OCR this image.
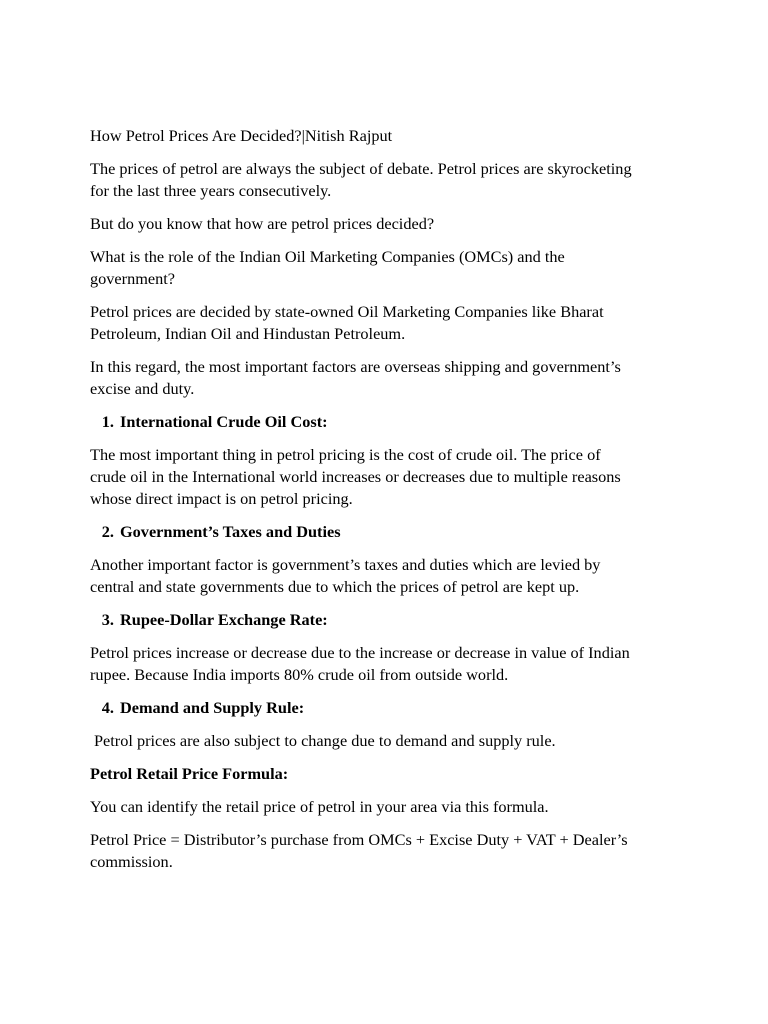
How Petrol Prices Are Decided?|Nitish Rajput

The prices of petrol are always the subject of debate. Petrol prices are skyrocketing
for the last three years consecutively.
But do you know that how are petrol prices decided?
What is the role of the Indian Oil Marketing Companies (OMCs) and the
government?
Petrol prices are decided by state-owned Oil Marketing Companies like Bharat
Petroleum, Indian Oil and Hindustan Petroleum.
In this regard, the most important factors are overseas shipping and government’s
excise and duty.
1. International Crude Oil Cost:
The most important thing in petrol pricing is the cost of crude oil. The price of
crude oil in the International world increases or decreases due to multiple reasons
whose direct impact is on petrol pricing.
2. Government’s Taxes and Duties
Another important factor is government’s taxes and duties which are levied by
central and state governments due to which the prices of petrol are kept up.
3. Rupee-Dollar Exchange Rate:
Petrol prices increase or decrease due to the increase or decrease in value of Indian
rupee. Because India imports 80% crude oil from outside world.
4. Demand and Supply Rule:
Petrol prices are also subject to change due to demand and supply rule.
Petrol Retail Price Formula:
You can identify the retail price of petrol in your area via this formula.
Petrol Price = Distributor’s purchase from OMCs + Excise Duty + VAT + Dealer’s
commission.
